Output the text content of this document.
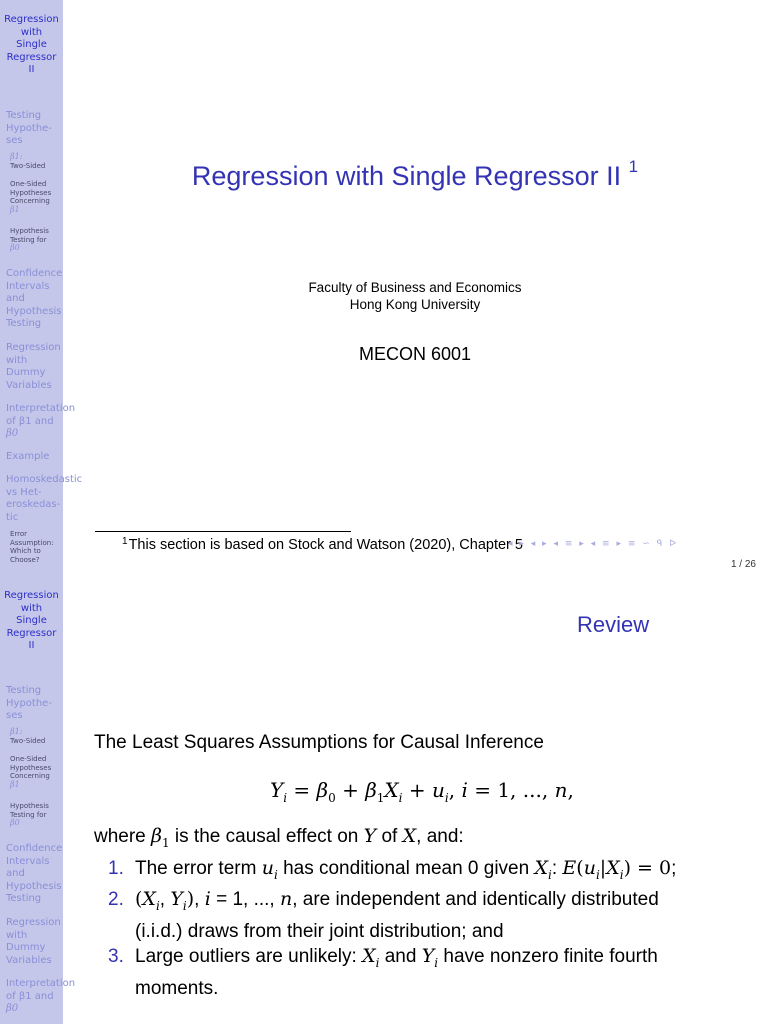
Regression
with
Single
Regressor
II
Testing
Hypothe-
ses
β1:
Two-Sided
One-Sided
Hypotheses
Concerning
β1
Hypothesis
Testing for
β0
Confidence
Intervals
and
Hypothesis
Testing
Regression
with
Dummy
Variables
Interpretation
of β1 and
β0
Example
Homoskedastic
vs Het-
eroskedas-
tic
Error
Assumption:
Which to
Choose?
Regression with Single Regressor II $^1$
Faculty of Business and Economics
Hong Kong University
MECON 6001
$^1$This section is based on Stock and Watson (2020), Chapter 5
◂ ▸ ◂ ▸ ◂ ≡ ▸ ◂ ≡ ▸ ≡ ∽ ᑫ ᐅ
1 / 26
Regression
with
Single
Regressor
II
Testing
Hypothe-
ses
β1:
Two-Sided
One-Sided
Hypotheses
Concerning
β1
Hypothesis
Testing for
β0
Confidence
Intervals
and
Hypothesis
Testing
Regression
with
Dummy
Variables
Interpretation
of β1 and
β0
Review
The Least Squares Assumptions for Causal Inference
$Y_i = \beta_0 + \beta_1X_i + u_i$, i = 1, ..., n,
where $\beta_1$ is the causal effect on Y of X, and:
1. The error term $u_i$ has conditional mean 0 given $X_i$: $E(u_i|X_i) = 0$;
2. ($X_i$, $Y_i$), i = 1, ..., n, are independent and identically distributed
(i.i.d.) draws from their joint distribution; and
3. Large outliers are unlikely: $X_i$ and $Y_i$ have nonzero finite fourth
moments.
